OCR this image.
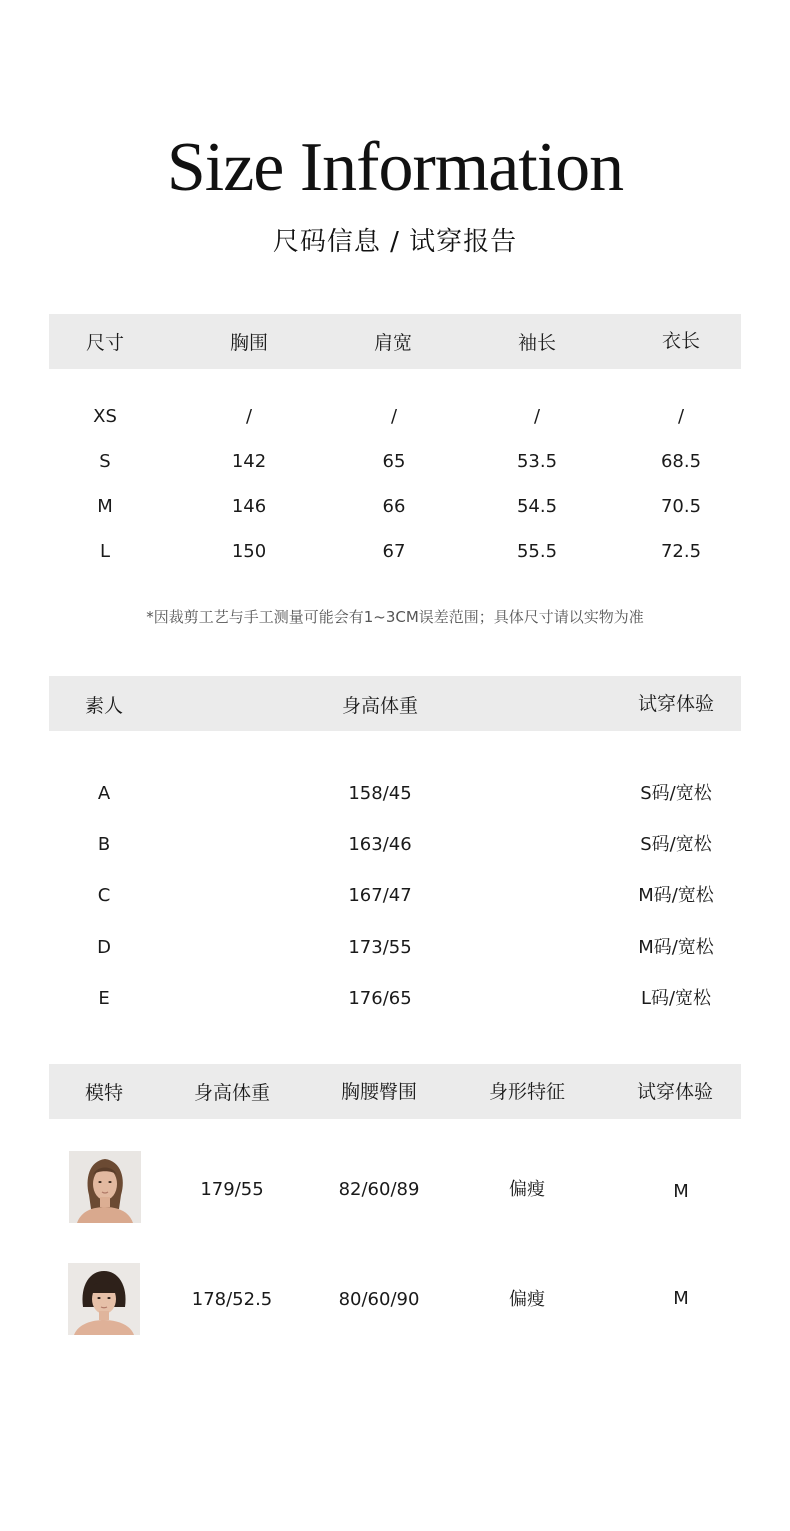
Size Information
尺码信息 / 试穿报告
尺寸	胸围	肩宽	袖长	衣长
XS	/	/	/	/
S	142	65	53.5	68.5
M	146	66	54.5	70.5
L	150	67	55.5	72.5
*因裁剪工艺与手工测量可能会有1~3CM误差范围；具体尺寸请以实物为准
素人	身高体重	试穿体验
A	158/45	S码/宽松
B	163/46	S码/宽松
C	167/47	M码/宽松
D	173/55	M码/宽松
E	176/65	L码/宽松
模特	身高体重	胸腰臀围	身形特征	试穿体验
179/55	82/60/89	偏瘦	M
178/52.5	80/60/90	偏瘦	M
